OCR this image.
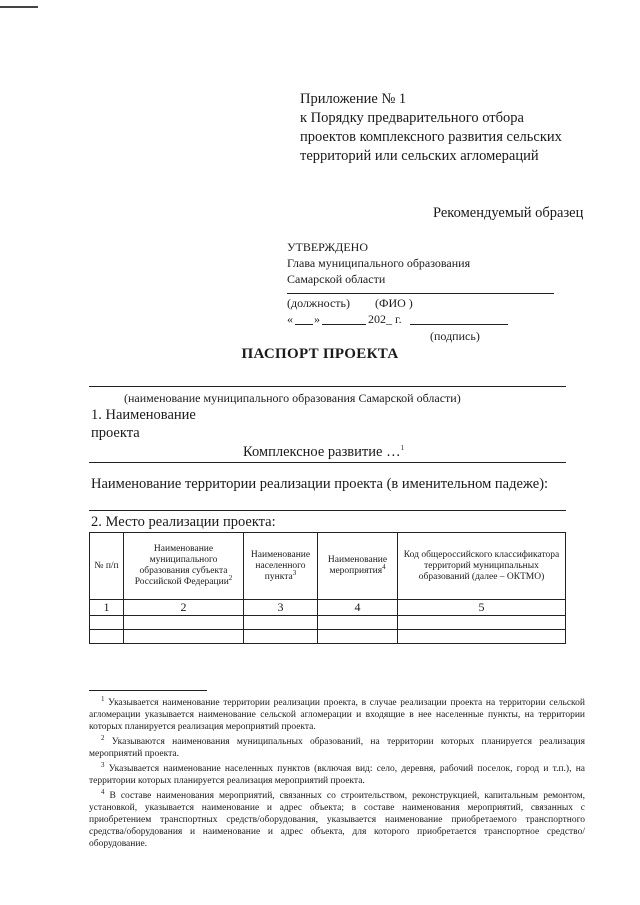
Приложение № 1
к Порядку предварительного отбора
проектов комплексного развития сельских
территорий или сельских агломераций
Рекомендуемый образец
УТВЕРЖДЕНО
Глава муниципального образования
Самарской области
(должность) (ФИО )
« »	202_ г.
(подпись)
ПАСПОРТ ПРОЕКТА
(наименование муниципального образования Самарской области)
1. Наименование
проекта
Комплексное развитие …$^1$
Наименование территории реализации проекта (в именительном падеже):
2. Место реализации проекта:
№ п/п	Наименование муниципального образования субъекта Российской Федерации$^2$	Наименование населенного пункта$^3$	Наименование мероприятия$^4$	Код общероссийского классификатора территорий муниципальных образований (далее – ОКТМО)
1	2	3	4	5

$^1$ Указывается наименование территории реализации проекта, в случае реализации проекта на территории сельской агломерации указывается наименование сельской агломерации и входящие в нее населенные пункты, на территории которых планируется реализация мероприятий проекта.

$^2$ Указываются наименования муниципальных образований, на территории которых планируется реализация мероприятий проекта.

$^3$ Указывается наименование населенных пунктов (включая вид: село, деревня, рабочий поселок, город и т.п.), на территории которых планируется реализация мероприятий проекта.

$^4$ В составе наименования мероприятий, связанных со строительством, реконструкцией, капитальным ремонтом, установкой, указывается наименование и адрес объекта; в составе наименования мероприятий, связанных с приобретением транспортных средств/оборудования, указывается наименование приобретаемого транспортного средства/оборудования и наименование и адрес объекта, для которого приобретается транспортное средство/оборудование.
